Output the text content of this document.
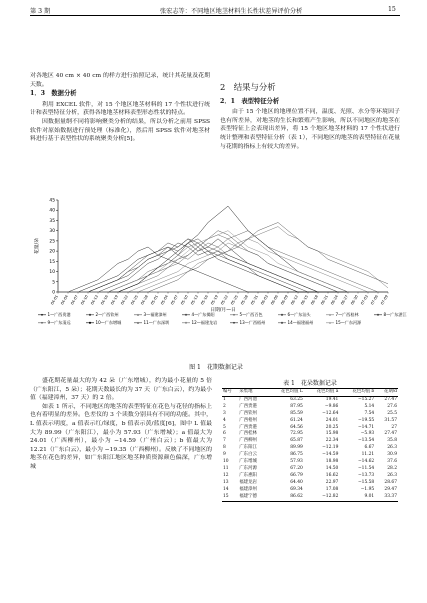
第 3 期	张宏志等：不同地区地茎材料生长性状差异评价分析	15

对各地区 40 cm × 40 cm 的样方进行拍照记录，统计其花量及花期天数。

1．3　数据分析

利用 EXCEL 软件，对 15 个地区地茎材料的 17 个性状进行统计和表型特征分析，获得各地地茎材料表型形态性状的特点。

因数据量纲不同将影响聚类分析的结果，所以分析之前用 SPSS 软件对原始数据进行预处理（标准化），然后用 SPSS 软件对地茎材料进行基于表型性状的系统聚类分析[5]。

2　结果与分析

2．1　表型特征分析

由于 15 个地区的地理位置不同，温度、光照、水分等环境因子也有所差异，对地茎的生长和繁殖产生影响，所以不同地区的地茎在表型特征上会表现出差异，将 15 个地区地茎材料的 17 个性状进行统计整理和表型特征分析（表 1），不同地区的地茎的表型特征在花量与花期的指标上有较大的差异。

0
5
10
15
20
25
30
35
40
45
04-01 04-04 04-07 04-10 04-13 04-16 04-19 04-22 04-25 04-28 05-01 05-04 05-07 05-10 05-13 05-16 05-19 05-22 05-25 05-28 05-31 06-03 06-06 06-09 06-12 06-15 06-18 06-21 06-24 06-27 06-30 07-03 07-06 07-09
花量/朵
日期/月—日
1—广西贵港	2—广西钦州	3—福建漳州	4—广东揭阳	5—广西百色	6—广东汕头	7—广西桂林	8—广东湛江
9—广东清远	10—广东增城	11—广东深圳	12—福建龙岩	13—广西梧州	14—福建福州	15—广东河源
图 1　花期数据记录

盛花期花量最大的为 42 朵（广东增城），约为最小花量的 5 倍（广东阳江，5 朵）；花期天数最长的为 37 天（广东白云），约为最小值（福建漳州，37 天）的 2 倍。

如表 1 所示，不同地区的地茎的表型特征在花色与花径的指标上也有着明显的差异。色差仪的 3 个读数分别具有不同的功能。其中，L 值表示明度，a 值表示红/绿度，b 值表示黄/蓝度[6]，图中 L 值最大为 89.99（广东阳江），最小为 57.93（广东增城）；a 值最大为 24.01（广西柳州），最小为 −14.59（广州白云）；b 值最大为 12.21（广东白云），最小为 −19.35（广西柳州）。反映了不同地区的地茎在花色的差异，如广东阳江地区地茎种质资源颜色偏深，广东增城

表 1　花朵数据记录
编号	采集地	花色均值 L	花色均值 a	花色均值 b	花期/d
1	广西河池	63.25	19.41	−15.27	27.47
2	广西贵港	87.95	−9.86	5.14	27.6
3	广西钦州	85.59	−12.64	7.54	25.5
4	广西梧州	61.24	24.01	−19.55	31.57
5	广西贵港	64.56	20.25	−14.71	27
6	广西桂林	72.95	15.98	−5.93	27.47
7	广西柳州	65.87	22.34	−13.54	35.8
8	广东阳江	89.99	−12.19	6.67	26.3
9	广东白云	86.75	−14.59	11.21	30.9
10	广东增城	57.93	18.98	−14.62	37.6
11	广东河源	67.20	14.50	−11.54	28.2
12	广东惠阳	66.79	16.62	−13.73	26.3
13	福建龙岩	64.40	22.97	−15.58	28.67
14	福建漳州	69.34	17.08	−1.95	29.47
15	福建宁德	86.62	−12.82	9.01	33.37
